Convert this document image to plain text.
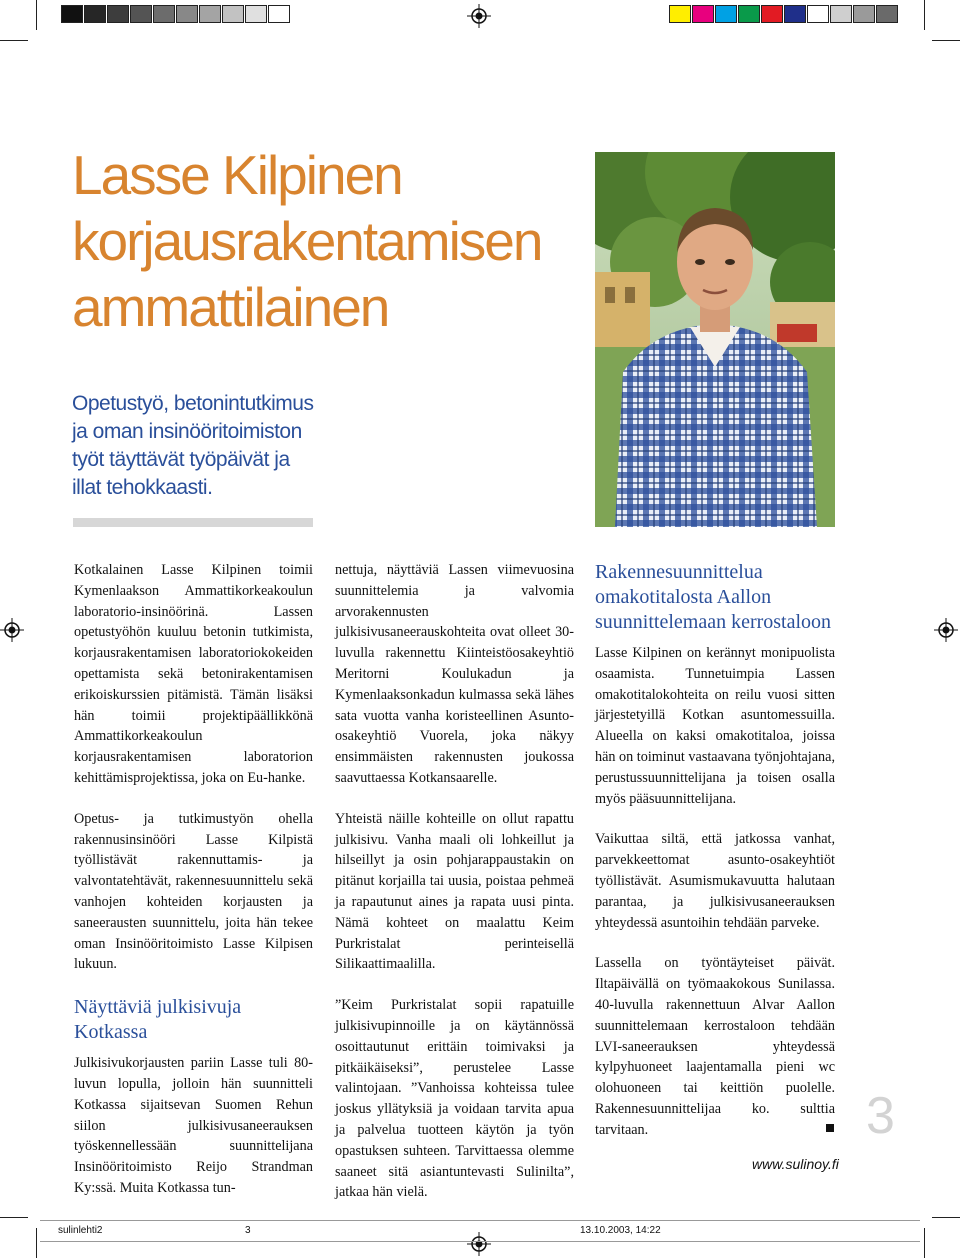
Lasse Kilpinen korjausrakentamisen ammattilainen
Opetustyö, betonintutkimus ja oman insinööritoimiston työt täyttävät työpäivät ja illat tehokkaasti.

Kotkalainen Lasse Kilpinen toimii Kymenlaakson Ammattikorkeakoulun laboratorio-insinöörinä. Lassen opetustyöhön kuuluu betonin tutkimista, korjausrakentamisen laboratoriokokeiden opettamista sekä betonirakentamisen erikoiskurssien pitämistä. Tämän lisäksi hän toimii projektipäällikkönä Ammattikorkeakoulun korjausrakentamisen laboratorion kehittämisprojektissa, joka on Eu-hanke.

Opetus- ja tutkimustyön ohella rakennusinsinööri Lasse Kilpistä työllistävät rakennuttamis- ja valvontatehtävät, rakennesuunnittelu sekä vanhojen kohteiden korjausten ja saneerausten suunnittelu, joita hän tekee oman Insinööritoimisto Lasse Kilpisen lukuun.

Näyttäviä julkisivuja Kotkassa

Julkisivukorjausten pariin Lasse tuli 80-luvun lopulla, jolloin hän suunnitteli Kotkassa sijaitsevan Suomen Rehun siilon julkisivusaneerauksen työskennellessään suunnittelijana Insinööritoimisto Reijo Strandman Ky:ssä. Muita Kotkassa tun-

nettuja, näyttäviä Lassen viimevuosina suunnittelemia ja valvomia arvorakennusten julkisivusaneerauskohteita ovat olleet 30-luvulla rakennettu Kiinteistöosakeyhtiö Meritorni Koulukadun ja Kymenlaaksonkadun kulmassa sekä lähes sata vuotta vanha koristeellinen Asunto-osakeyhtiö Vuorela, joka näkyy ensimmäisten rakennusten joukossa saavuttaessa Kotkansaarelle.

Yhteistä näille kohteille on ollut rapattu julkisivu. Vanha maali oli lohkeillut ja hilseillyt ja osin pohjarappaustakin on pitänut korjailla tai uusia, poistaa pehmeä ja rapautunut aines ja rapata uusi pinta. Nämä kohteet on maalattu Keim Purkristalat perinteisellä Silikaattimaalilla.

”Keim Purkristalat sopii rapatuille julkisivupinnoille ja on käytännössä osoittautunut erittäin toimivaksi ja pitkäikäiseksi”, perustelee Lasse valintojaan. ”Vanhoissa kohteissa tulee joskus yllätyksiä ja voidaan tarvita apua ja palvelua tuotteen käytön ja työn opastuksen suhteen. Tarvittaessa olemme saaneet sitä asiantuntevasti Sulinilta”, jatkaa hän vielä.

Rakennesuunnittelua omakotitalosta Aallon suunnittelemaan kerrostaloon

Lasse Kilpinen on kerännyt monipuolista osaamista. Tunnetuimpia Lassen omakotitalokohteita on reilu vuosi sitten järjestetyillä Kotkan asuntomessuilla. Alueella on kaksi omakotitaloa, joissa hän on toiminut vastaavana työnjohtajana, perustussuunnittelijana ja toisen osalla myös pääsuunnittelijana.

Vaikuttaa siltä, että jatkossa vanhat, parvekkeettomat asunto-osakeyhtiöt työllistävät. Asumismukavuutta halutaan parantaa, ja julkisivusaneerauksen yhteydessä asuntoihin tehdään parveke.

Lassella on työntäyteiset päivät. Iltapäivällä on työmaakokous Sunilassa. 40-luvulla rakennettuun Alvar Aallon suunnittelemaan kerrostaloon tehdään LVI-saneerauksen yhteydessä kylpyhuoneet laajentamalla pieni wc olohuoneen tai keittiön puolelle. Rakennesuunnittelijaa ko. sulttia tarvitaan.	3
www.sulinoy.fi
sulinlehti2	3	13.10.2003, 14:22
